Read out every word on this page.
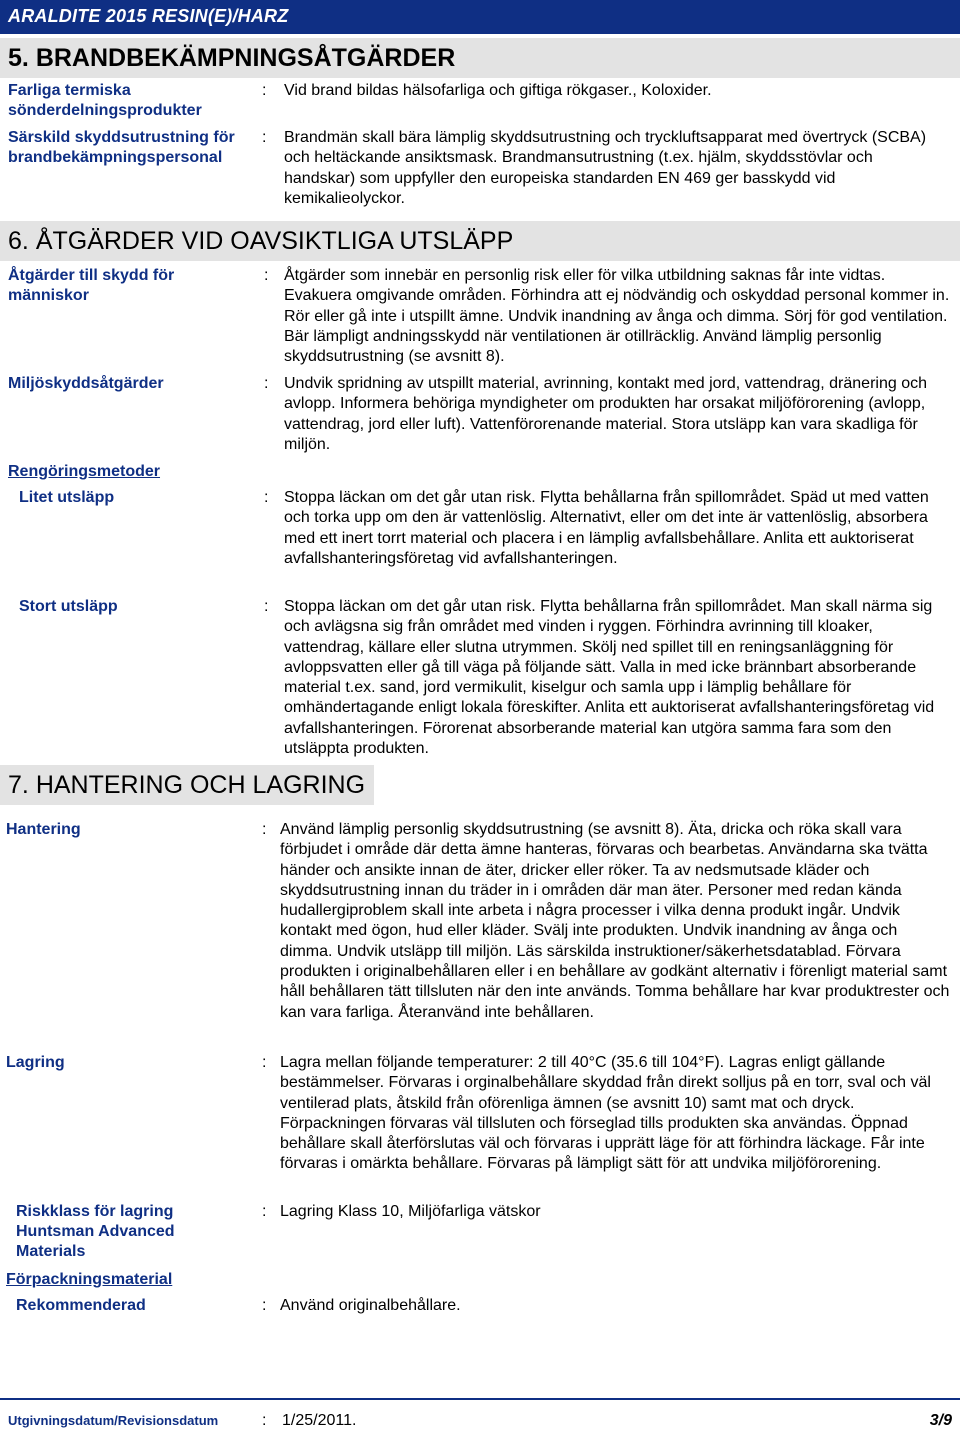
ARALDITE 2015 RESIN(E)/HARZ
5. BRANDBEKÄMPNINGSÅTGÄRDER
Farliga termiska sönderdelningsprodukter
: Vid brand bildas hälsofarliga och giftiga rökgaser., Koloxider.
Särskild skyddsutrustning för brandbekämpningspersonal
: Brandmän skall bära lämplig skyddsutrustning och tryckluftsapparat med övertryck (SCBA) och heltäckande ansiktsmask. Brandmansutrustning (t.ex. hjälm, skyddsstövlar och handskar) som uppfyller den europeiska standarden EN 469 ger basskydd vid kemikalieolyckor.
6. ÅTGÄRDER VID OAVSIKTLIGA UTSLÄPP
Åtgärder till skydd för människor
: Åtgärder som innebär en personlig risk eller för vilka utbildning saknas får inte vidtas. Evakuera omgivande områden. Förhindra att ej nödvändig och oskyddad personal kommer in. Rör eller gå inte i utspillt ämne. Undvik inandning av ånga och dimma. Sörj för god ventilation. Bär lämpligt andningsskydd när ventilationen är otillräcklig. Använd lämplig personlig skyddsutrustning (se avsnitt 8).
Miljöskyddsåtgärder	: Undvik spridning av utspillt material, avrinning, kontakt med jord, vattendrag, dränering och avlopp. Informera behöriga myndigheter om produkten har orsakat miljöförorening (avlopp, vattendrag, jord eller luft). Vattenförorenande material. Stora utsläpp kan vara skadliga för miljön.
Rengöringsmetoder
Litet utsläpp	: Stoppa läckan om det går utan risk. Flytta behållarna från spillområdet. Späd ut med vatten och torka upp om den är vattenlöslig. Alternativt, eller om det inte är vattenlöslig, absorbera med ett inert torrt material och placera i en lämplig avfallsbehållare. Anlita ett auktoriserat avfallshanteringsföretag vid avfallshanteringen.
Stort utsläpp	: Stoppa läckan om det går utan risk. Flytta behållarna från spillområdet. Man skall närma sig och avlägsna sig från området med vinden i ryggen. Förhindra avrinning till kloaker, vattendrag, källare eller slutna utrymmen. Skölj ned spillet till en reningsanläggning för avloppsvatten eller gå till väga på följande sätt. Valla in med icke brännbart absorberande material t.ex. sand, jord vermikulit, kiselgur och samla upp i lämplig behållare för omhändertagande enligt lokala föreskifter. Anlita ett auktoriserat avfallshanteringsföretag vid avfallshanteringen. Förorenat absorberande material kan utgöra samma fara som den utsläppta produkten.
7. HANTERING OCH LAGRING
Hantering	: Använd lämplig personlig skyddsutrustning (se avsnitt 8). Äta, dricka och röka skall vara förbjudet i område där detta ämne hanteras, förvaras och bearbetas. Användarna ska tvätta händer och ansikte innan de äter, dricker eller röker. Ta av nedsmutsade kläder och skyddsutrustning innan du träder in i områden där man äter. Personer med redan kända hudallergiproblem skall inte arbeta i några processer i vilka denna produkt ingår. Undvik kontakt med ögon, hud eller kläder. Svälj inte produkten. Undvik inandning av ånga och dimma. Undvik utsläpp till miljön. Läs särskilda instruktioner/säkerhetsdatablad. Förvara produkten i originalbehållaren eller i en behållare av godkänt alternativ i förenligt material samt håll behållaren tätt tillsluten när den inte används. Tomma behållare har kvar produktrester och kan vara farliga. Återanvänd inte behållaren.
Lagring	: Lagra mellan följande temperaturer: 2 till 40°C (35.6 till 104°F). Lagras enligt gällande bestämmelser. Förvaras i orginalbehållare skyddad från direkt solljus på en torr, sval och väl ventilerad plats, åtskild från oförenliga ämnen (se avsnitt 10) samt mat och dryck. Förpackningen förvaras väl tillsluten och förseglad tills produkten ska användas. Öppnad behållare skall återförslutas väl och förvaras i upprätt läge för att förhindra läckage. Får inte förvaras i omärkta behållare. Förvaras på lämpligt sätt för att undvika miljöförorening.
Riskklass för lagring Huntsman Advanced Materials
: Lagring Klass 10, Miljöfarliga vätskor
Förpackningsmaterial
Rekommenderad	: Använd originalbehållare.
Utgivningsdatum/Revisionsdatum	: 1/25/2011.	3/9
